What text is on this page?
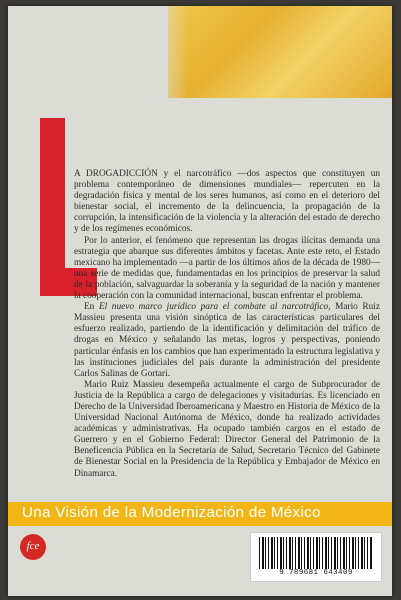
A DROGADICCIÓN y el narcotráfico —dos aspectos que constituyen un problema contemporáneo de dimensiones mundiales— repercuten en la degradación física y mental de los seres humanos, así como en el deterioro del bienestar social, el incremento de la delincuencia, la propagación de la corrupción, la intensificación de la violencia y la alteración del estado de derecho y de los regímenes económicos.

Por lo anterior, el fenómeno que representan las drogas ilícitas demanda una estrategia que abarque sus diferentes ámbitos y facetas. Ante este reto, el Estado mexicano ha implementado —a partir de los últimos años de la década de 1980— una serie de medidas que, fundamentadas en los principios de preservar la salud de la población, salvaguardar la soberanía y la seguridad de la nación y mantener la cooperación con la comunidad internacional, buscan enfrentar el problema.

En El nuevo marco jurídico para el combate al narcotráfico, Mario Ruiz Massieu presenta una visión sinóptica de las características particulares del esfuerzo realizado, partiendo de la identificación y delimitación del tráfico de drogas en México y señalando las metas, logros y perspectivas, poniendo particular énfasis en los cambios que han experimentado la estructura legislativa y las instituciones judiciales del país durante la administración del presidente Carlos Salinas de Gortari.

Mario Ruiz Massieu desempeña actualmente el cargo de Subprocurador de Justicia de la República a cargo de delegaciones y visitadurías. Es licenciado en Derecho de la Universidad Iberoamericana y Maestro en Historia de México de la Universidad Nacional Autónoma de México, donde ha realizado actividades académicas y administrativas. Ha ocupado también cargos en el estado de Guerrero y en el Gobierno Federal: Director General del Patrimonio de la Beneficencia Pública en la Secretaría de Salud, Secretario Técnico del Gabinete de Bienestar Social en la Presidencia de la República y Embajador de México en Dinamarca.

Una Visión de la Modernización de México
fce
9 789681 643409
